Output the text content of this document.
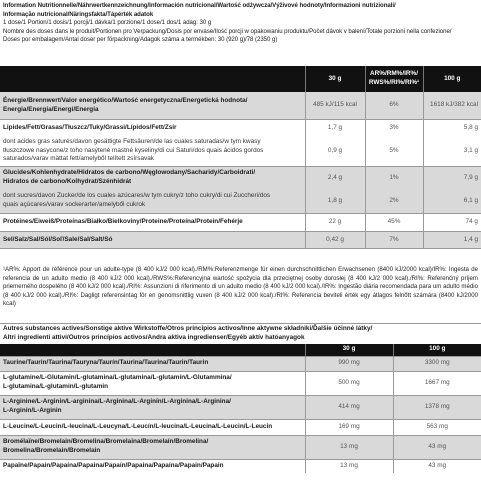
Information Nutritionnelle/Nährwertkennzeichnung/Información nutricional/Wartość odżywcza/Výživové hodnoty/Informazioni nutrizionali/
Informação nutricional/Näringsfakta/Tápérték adatok
1 dose/1 Portion/1 dosis/1 porcji/1 dávka/1 porzione/1 dose/1 dos/1 adag: 30 g
Nombre des doses dans le produit/Portionen pro Verpackung/Dosis por envase/Ilość porcji w opakowaniu produktu/Počet dávok v balení/Totale porzioni nella confezione/
Doses por embalagem/Antal doser per förpackning/Adagok száma a termékben: 30 (920 g)/78 (2350 g)
	30 g	AR%/RM%/IR%/
RWS%/RI%/RI%¹	100 g
Énergie/Brennwert/Valor energético/Wartość energetyczna/Energetická hodnota/
Energia/Energia/Energi/Energia	485 kJ/115 kcal	6%	1618 kJ/382 kcal
Lipides/Fett/Grasas/Tłuszcz/Tuky/Grassi/Lípidos/Fett/Zsír	1,7 g	3%	5,8 g
dont acides gras saturés/davon gesättigte Fettsäuren/de las cuales saturadas/w tym kwasy
tłuszczowe nasycone/z toho nasýtené mastné kyseliny/di cui Saturi/dos quais ácidos gordos
saturados/varav mättat fett/amelyből telített zsírsavak	0,9 g	5%	3,1 g
Glucides/Kohlenhydrate/Hidratos de carbono/Węglowodany/Sacharidy/Carboidrati/
Hidratos de carbono/Kolhydrat/Szénhidrát	2,4 g	1%	7,9 g
dont sucres/davon Zucker/de los cuales azúcares/w tym cukry/z toho cukry/di cui Zuccheri/dos
quais açúcares/varav sockerarter/amelyből cukrok	1,8 g	2%	6,1 g
Protéines/Eiweiß/Proteínas/Białko/Bielkoviny/Proteine/Proteína/Protein/Fehérje	22 g	45%	74 g
Sel/Salz/Sal/Sól/Soľ/Sale/Sal/Salt/Só	0,42 g	7%	1,4 g
¹AR%: Apport de référence pour un adulte-type (8 400 kJ/2 000 kcal)./RM%:Referenzmenge für einen durchschnittlichen Erwachsenen (8400 kJ/2000 kcal)/IR%: Ingesta de referencia de un adulto medio (8 400 kJ/2 000 kcal)./RWS%:Referencyjna wartość spożycia dla przeciętnej osoby dorosłej (8 400 kJ/2 000 kcal)./RI%: Referenčný príjem priemerného dospelého (8 400 kJ/2 000 kcal)./RI%: Assunzioni di riferimento di un adulto medio (8 400 kJ/2 000 kcal)./IR%: Ingestão diária recomendada para um adulto médio (8 400 kJ/2 000 kcal)./RI%: Dagligt referensintag för en genomsnittlig vuxen (8 400 kJ/2 000 kcal)./RI%: Referencia beviteli érték egy átlagos felnőtt számára (8400 kJ/2000 kcal)
Autres substances actives/Sonstige aktive Wirkstoffe/Otros principios activos/Inne aktywne składniki/Ďalšie účinné látky/
Altri ingredienti attivi/Outros princípios activos/Andra aktiva ingredienser/Egyéb aktív hatóanyagok		
	30 g	100 g
Taurine/Taurin/Taurina/Tauryna/Taurín/Taurina/Taurina/Taurin/Taurin	990 mg	3300 mg
L-glutamine/L-Glutamin/L-glutamina/L-glutamina/L-glutamín/L-Glutammina/
L-glutamina/L-glutamin/L-glutamin	500 mg	1667 mg
L-Arginine/L-Arginin/L-arginina/L-Arginina/L-Arginín/L-Arginina/L-Arginina/
L-Arginin/L-Arginin	414 mg	1378 mg
L-Leucine/L-Leucin/L-leucina/L-Leucyna/L-Leucín/L-leucina/L-Leucina/L-Leucin/L-Leucin	169 mg	563 mg
Bromélaïne/Bromelain/Bromelina/Bromelaina/Bromelaín/Bromelina/
Bromelina/Bromelain/Bromelain	13 mg	43 mg
Papaïne/Papain/Papaína/Papaina/Papaín/Papaina/Papaína/Papain/Papain	13 mg	43 mg
